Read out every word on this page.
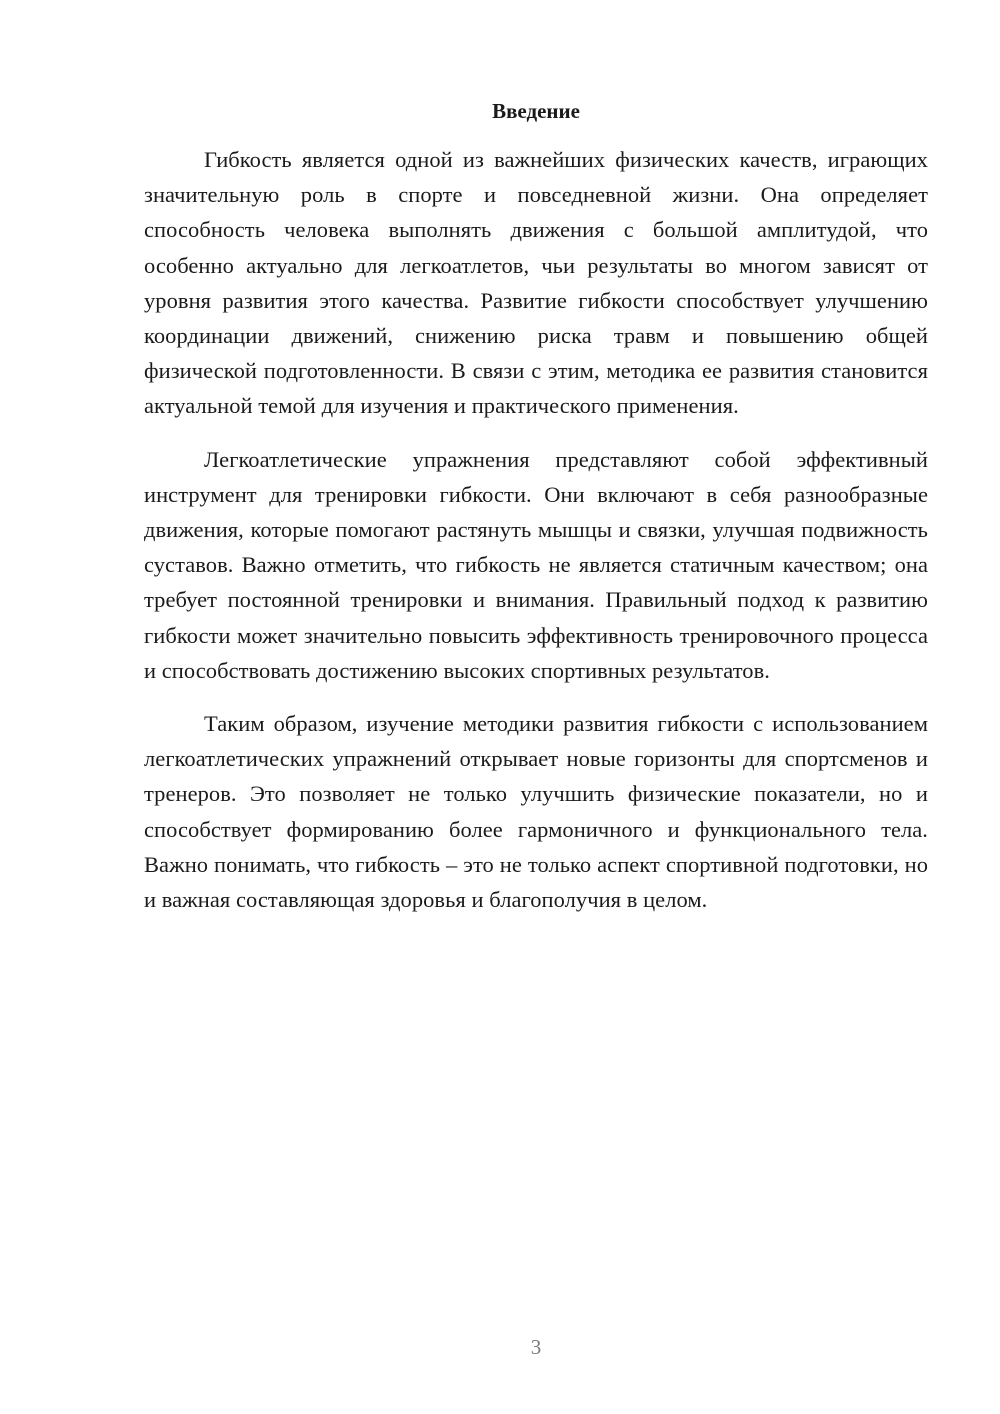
Введение

Гибкость является одной из важнейших физических качеств, играющих значительную роль в спорте и повседневной жизни. Она определяет способность человека выполнять движения с большой амплитудой, что особенно актуально для легкоатлетов, чьи результаты во многом зависят от уровня развития этого качества. Развитие гибкости способствует улучшению координации движений, снижению риска травм и повышению общей физической подготовленности. В связи с этим, методика ее развития становится актуальной темой для изучения и практического применения.

Легкоатлетические упражнения представляют собой эффективный инструмент для тренировки гибкости. Они включают в себя разнообразные движения, которые помогают растянуть мышцы и связки, улучшая подвижность суставов. Важно отметить, что гибкость не является статичным качеством; она требует постоянной тренировки и внимания. Правильный подход к развитию гибкости может значительно повысить эффективность тренировочного процесса и способствовать достижению высоких спортивных результатов.

Таким образом, изучение методики развития гибкости с использованием легкоатлетических упражнений открывает новые горизонты для спортсменов и тренеров. Это позволяет не только улучшить физические показатели, но и способствует формированию более гармоничного и функционального тела. Важно понимать, что гибкость – это не только аспект спортивной подготовки, но и важная составляющая здоровья и благополучия в целом.

3
